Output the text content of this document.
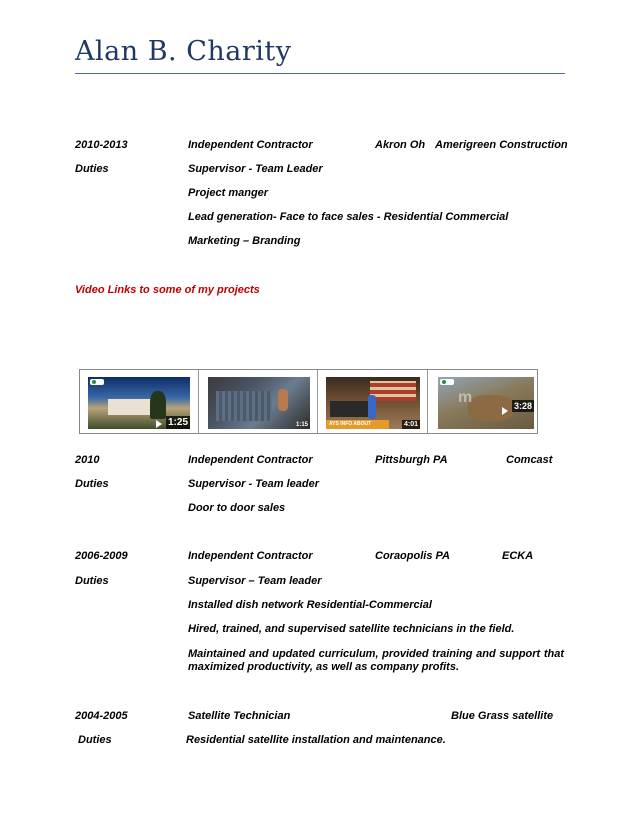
Alan B. Charity
2010-2013	Independent Contractor	Akron Oh Amerigreen Construction
Duties	Supervisor - Team Leader
Project manger
Lead generation- Face to face sales - Residential Commercial
Marketing – Branding
Video Links to some of my projects
1:25	1:15	AYS INFO ABOUT	4:01
m	3:28
2010	Independent Contractor	Pittsburgh PA	Comcast
Duties	Supervisor - Team leader
Door to door sales
2006-2009	Independent Contractor	Coraopolis PA	ECKA
Duties	Supervisor – Team leader
Installed dish network Residential-Commercial
Hired, trained, and supervised satellite technicians in the field.
Maintained and updated curriculum, provided training and support that maximized productivity, as well as company profits.
2004-2005	Satellite Technician	Blue Grass satellite
Duties	Residential satellite installation and maintenance.
